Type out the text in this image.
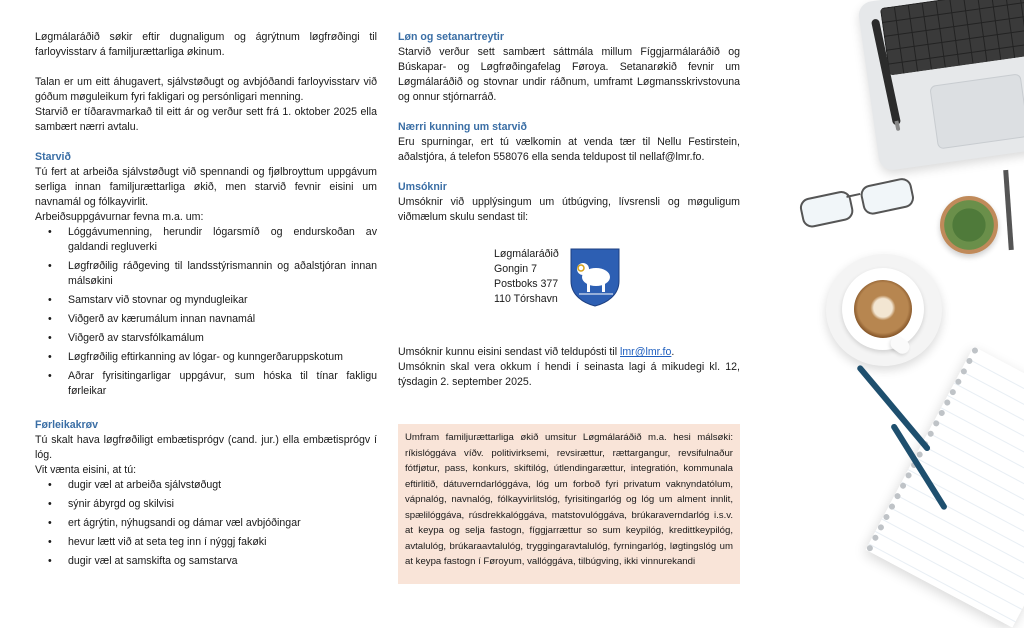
Løgmálaráðið søkir eftir dugnaligum og ágrýtnum løgfrøðingi til farloyvisstarv á familjurættarliga økinum.

Talan er um eitt áhugavert, sjálvstøðugt og avbjóðandi farloyvisstarv við góðum møguleikum fyri fakligari og persónligari menning.

Starvið er tíðaravmarkað til eitt ár og verður sett frá 1. oktober 2025 ella sambært nærri avtalu.

Starvið

Tú fert at arbeiða sjálvstøðugt við spennandi og fjølbroyttum uppgávum serliga innan familjurættarliga økið, men starvið fevnir eisini um navnamál og fólkayvirlit.

Arbeiðsuppgávurnar fevna m.a. um:

• Lóggávumenning, herundir lógarsmíð og endurskoðan av galdandi regluverki
• Løgfrøðilig ráðgeving til landsstýrismannin og aðalstjóran innan málsøkini
• Samstarv við stovnar og myndugleikar
• Viðgerð av kærumálum innan navnamál
• Viðgerð av starvsfólkamálum
• Løgfrøðilig eftirkanning av lógar- og kunngerðaruppskotum
• Aðrar fyrisitingarligar uppgávur, sum hóska til tínar fakligu førleikar
Førleikakrøv

Tú skalt hava løgfrøðiligt embætisprógv (cand. jur.) ella embætisprógv í lóg.

Vit vænta eisini, at tú:

• dugir væl at arbeiða sjálvstøðugt
• sýnir ábyrgd og skilvisi
• ert ágrýtin, nýhugsandi og dámar væl avbjóðingar
• hevur lætt við at seta teg inn í nýggj fakøki
• dugir væl at samskifta og samstarva
Løn og setanartreytir

Starvið verður sett sambært sáttmála millum Fíggjarmálaráðið og Búskapar- og Løgfrøðingafelag Føroya. Setanarøkið fevnir um Løgmálaráðið og stovnar undir ráðnum, umframt Løgmansskrivstovuna og onnur stjórnarráð.

Nærri kunning um starvið

Eru spurningar, ert tú vælkomin at venda tær til Nellu Festirstein, aðalstjóra, á telefon 558076 ella senda teldupost til nellaf@lmr.fo.

Umsóknir

Umsóknir við upplýsingum um útbúgving, lívsrensli og møguligum viðmælum skulu sendast til:

Løgmálaráðið
Gongin 7
Postboks 377
110 Tórshavn

Umsóknir kunnu eisini sendast við teldupósti til lmr@lmr.fo.

Umsóknin skal vera okkum í hendi í seinasta lagi á mikudegi kl. 12, týsdagin 2. september 2025.

Umfram familjurættarliga økið umsitur Løgmálaráðið m.a. hesi málsøki: ríkislóggáva víðv. politivirksemi, revsirættur, rættargangur, revsifulnaður fótfjøtur, pass, konkurs, skiftilóg, útlendingarættur, integratión, kommunala eftirlitið, dátuverndarlóggáva, lóg um forboð fyri privatum vaknyndatólum, vápnalóg, navnalóg, fólkayvirlitslóg, fyrisitingarlóg og lóg um alment innlit, spælilóggáva, rúsdrekkalóggáva, matstovulóggáva, brúkaraverndarlóg i.s.v. at keypa og selja fastogn, fíggjarrættur so sum keypilóg, kredittkeypilóg, avtalulóg, brúkaraavtalulóg, tryggingaravtalulóg, fyrningarlóg, løgtingslóg um at keypa fastogn í Føroyum, vallóggáva, tilbúgving, ikki vinnurekandi
